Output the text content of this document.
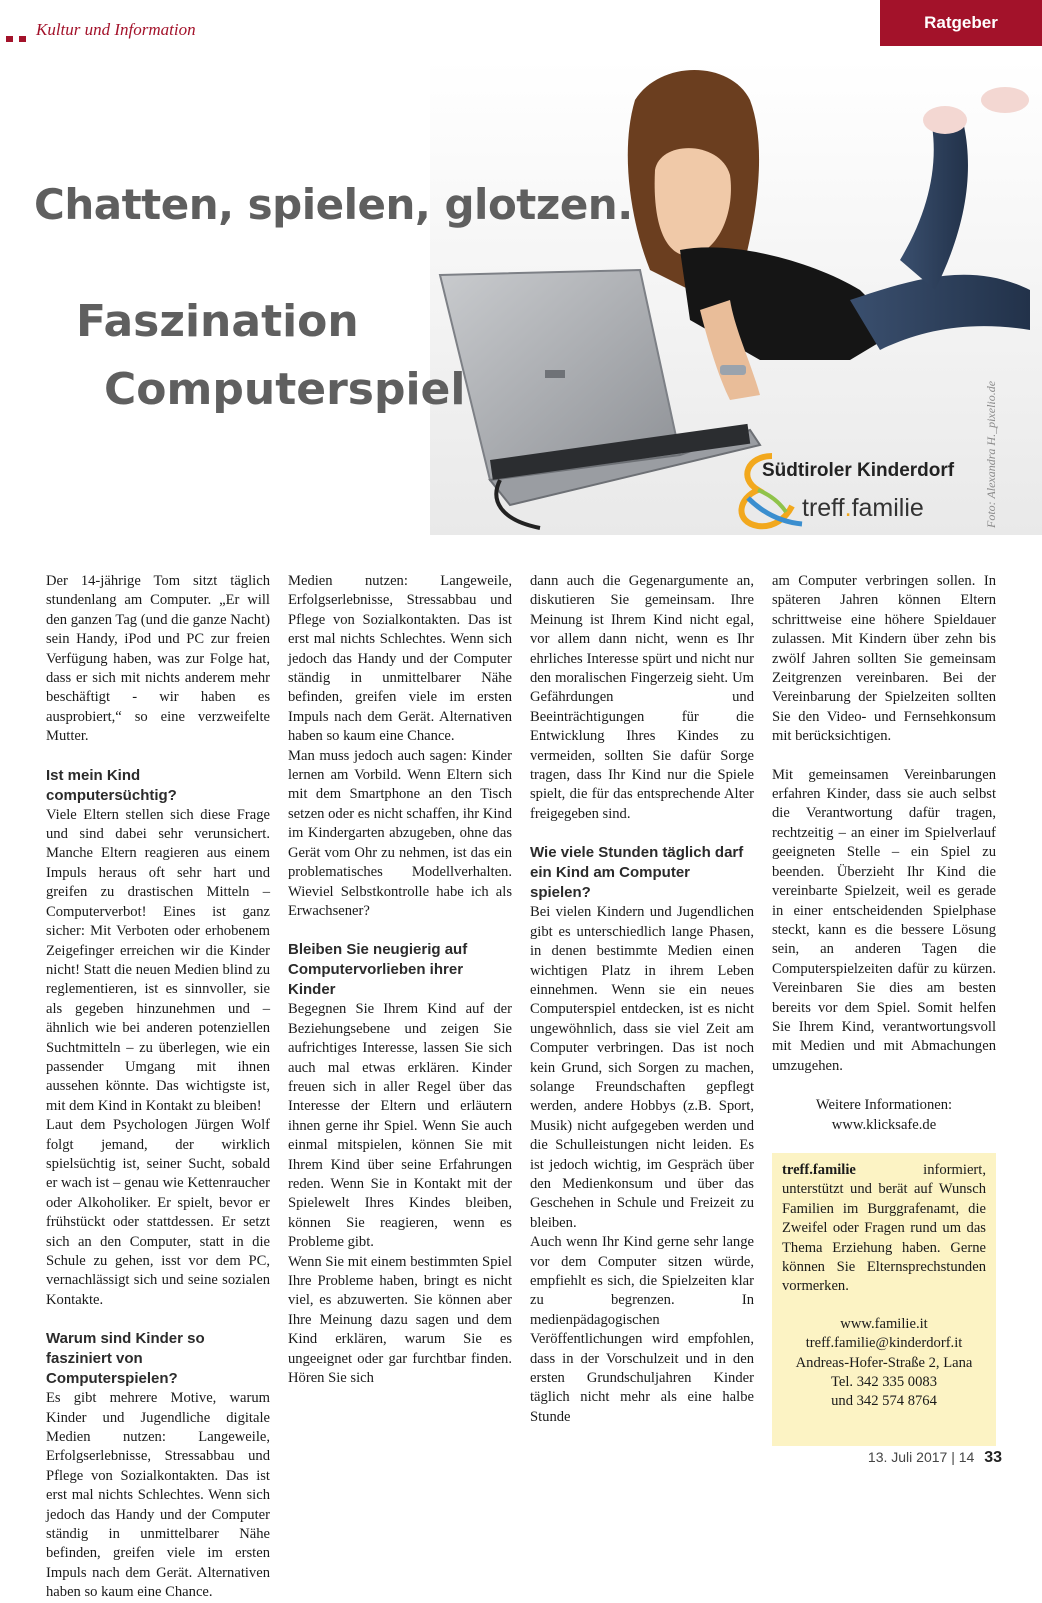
Kultur und Information	Ratgeber
Chatten, spielen, glotzen.
Faszination
Computerspiel	Foto: Alexandra H._pixelio.de
Südtiroler Kinderdorf
treff.familie

Der 14-jährige Tom sitzt täglich stundenlang am Computer. „Er will den ganzen Tag (und die ganze Nacht) sein Handy, iPod und PC zur freien Verfügung haben, was zur Folge hat, dass er sich mit nichts anderem mehr beschäftigt - wir haben es ausprobiert,“ so eine verzweifelte Mutter.

Ist mein Kind computersüchtig?

Viele Eltern stellen sich diese Frage und sind dabei sehr verunsichert. Manche Eltern reagieren aus einem Impuls heraus oft sehr hart und greifen zu drastischen Mitteln – Computerverbot! Eines ist ganz sicher: Mit Verboten oder erhobenem Zeigefinger erreichen wir die Kinder nicht! Statt die neuen Medien blind zu reglementieren, ist es sinnvoller, sie als gegeben hinzunehmen und – ähnlich wie bei anderen potenziellen Suchtmitteln – zu überlegen, wie ein passender Umgang mit ihnen aussehen könnte. Das wichtigste ist, mit dem Kind in Kontakt zu bleiben!

Laut dem Psychologen Jürgen Wolf folgt jemand, der wirklich spielsüchtig ist, seiner Sucht, sobald er wach ist – genau wie Kettenraucher oder Alkoholiker. Er spielt, bevor er frühstückt oder stattdessen. Er setzt sich an den Computer, statt in die Schule zu gehen, isst vor dem PC, vernachlässigt sich und seine sozialen Kontakte.

Warum sind Kinder so fasziniert von Computerspielen?

Es gibt mehrere Motive, warum Kinder und Jugendliche digitale Medien nutzen: Langeweile, Erfolgserlebnisse, Stressabbau und Pflege von Sozialkontakten. Das ist erst mal nichts Schlechtes. Wenn sich jedoch das Handy und der Computer ständig in unmittelbarer Nähe befinden, greifen viele im ersten Impuls nach dem Gerät. Alternativen haben so kaum eine Chance.

Medien nutzen: Langeweile, Erfolgserlebnisse, Stressabbau und Pflege von Sozialkontakten. Das ist erst mal nichts Schlechtes. Wenn sich jedoch das Handy und der Computer ständig in unmittelbarer Nähe befinden, greifen viele im ersten Impuls nach dem Gerät. Alternativen haben so kaum eine Chance.

Man muss jedoch auch sagen: Kinder lernen am Vorbild. Wenn Eltern sich mit dem Smartphone an den Tisch setzen oder es nicht schaffen, ihr Kind im Kindergarten abzugeben, ohne das Gerät vom Ohr zu nehmen, ist das ein problematisches Modellverhalten. Wieviel Selbstkontrolle habe ich als Erwachsener?

Bleiben Sie neugierig auf Computervorlieben ihrer Kinder

Begegnen Sie Ihrem Kind auf der Beziehungsebene und zeigen Sie aufrichtiges Interesse, lassen Sie sich auch mal etwas erklären. Kinder freuen sich in aller Regel über das Interesse der Eltern und erläutern ihnen gerne ihr Spiel. Wenn Sie auch einmal mitspielen, können Sie mit Ihrem Kind über seine Erfahrungen reden. Wenn Sie in Kontakt mit der Spielewelt Ihres Kindes bleiben, können Sie reagieren, wenn es Probleme gibt.

Wenn Sie mit einem bestimmten Spiel Ihre Probleme haben, bringt es nicht viel, es abzuwerten. Sie können aber Ihre Meinung dazu sagen und dem Kind erklären, warum Sie es ungeeignet oder gar furchtbar finden. Hören Sie sich

dann auch die Gegenargumente an, diskutieren Sie gemeinsam. Ihre Meinung ist Ihrem Kind nicht egal, vor allem dann nicht, wenn es Ihr ehrliches Interesse spürt und nicht nur den moralischen Fingerzeig sieht. Um Gefährdungen und Beeinträchtigungen für die Entwicklung Ihres Kindes zu vermeiden, sollten Sie dafür Sorge tragen, dass Ihr Kind nur die Spiele spielt, die für das entsprechende Alter freigegeben sind.

Wie viele Stunden täglich darf ein Kind am Computer spielen?

Bei vielen Kindern und Jugendlichen gibt es unterschiedlich lange Phasen, in denen bestimmte Medien einen wichtigen Platz in ihrem Leben einnehmen. Wenn sie ein neues Computerspiel entdecken, ist es nicht ungewöhnlich, dass sie viel Zeit am Computer verbringen. Das ist noch kein Grund, sich Sorgen zu machen, solange Freundschaften gepflegt werden, andere Hobbys (z.B. Sport, Musik) nicht aufgegeben werden und die Schulleistungen nicht leiden. Es ist jedoch wichtig, im Gespräch über den Medienkonsum und über das Geschehen in Schule und Freizeit zu bleiben.

Auch wenn Ihr Kind gerne sehr lange vor dem Computer sitzen würde, empfiehlt es sich, die Spielzeiten klar zu begrenzen. In medienpädagogischen Veröffentlichungen wird empfohlen, dass in der Vorschulzeit und in den ersten Grundschuljahren Kinder täglich nicht mehr als eine halbe Stunde

am Computer verbringen sollen. In späteren Jahren können Eltern schrittweise eine höhere Spieldauer zulassen. Mit Kindern über zehn bis zwölf Jahren sollten Sie gemeinsam Zeitgrenzen vereinbaren. Bei der Vereinbarung der Spielzeiten sollten Sie den Video- und Fernsehkonsum mit berücksichtigen.

Mit gemeinsamen Vereinbarungen erfahren Kinder, dass sie auch selbst die Verantwortung dafür tragen, rechtzeitig – an einer im Spielverlauf geeigneten Stelle – ein Spiel zu beenden. Überzieht Ihr Kind die vereinbarte Spielzeit, weil es gerade in einer entscheidenden Spielphase steckt, kann es die bessere Lösung sein, an anderen Tagen die Computerspielzeiten dafür zu kürzen. Vereinbaren Sie dies am besten bereits vor dem Spiel. Somit helfen Sie Ihrem Kind, verantwortungsvoll mit Medien und mit Abmachungen umzugehen.

Weitere Informationen:
www.klicksafe.de

treff.familie informiert, unterstützt und berät auf Wunsch Familien im Burggrafenamt, die Zweifel oder Fragen rund um das Thema Erziehung haben. Gerne können Sie Elternsprechstunden vormerken.

www.familie.it
treff.familie@kinderdorf.it
Andreas-Hofer-Straße 2, Lana
Tel. 342 335 0083
und 342 574 8764
13. Juli 2017 | 14 33
